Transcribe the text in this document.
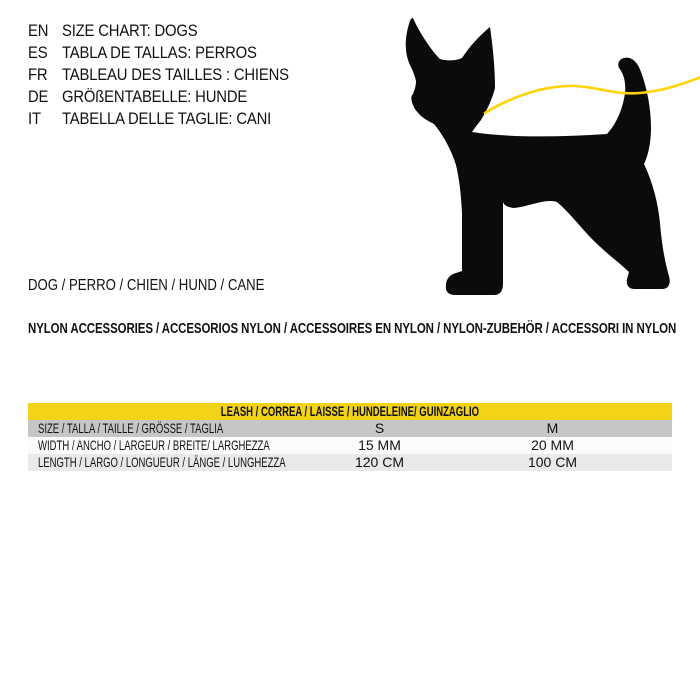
EN SIZE CHART: DOGS
ES TABLA DE TALLAS: PERROS
FR TABLEAU DES TAILLES : CHIENS
DE GRÖßENTABELLE: HUNDE
IT	TABELLA DELLE TAGLIE: CANI
DOG / PERRO / CHIEN / HUND / CANE
NYLON ACCESSORIES / ACCESORIOS NYLON / ACCESSOIRES EN NYLON / NYLON-ZUBEHÖR / ACCESSORI IN NYLON
LEASH / CORREA / LAISSE / HUNDELEINE/ GUINZAGLIO			
SIZE / TALLA / TAILLE / GRÖSSE / TAGLIA	S	M	
WIDTH / ANCHO / LARGEUR / BREITE/ LARGHEZZA	15 MM	20 MM	
LENGTH / LARGO / LONGUEUR / LÄNGE / LUNGHEZZA	120 CM	100 CM	
